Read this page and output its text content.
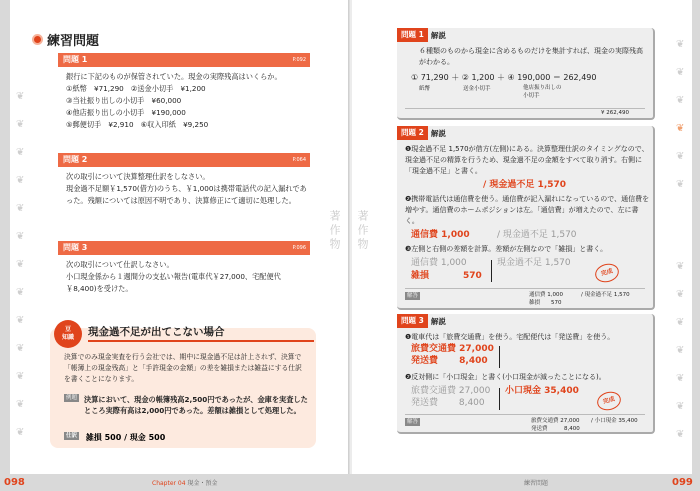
❦
❦
❦
❦
❦
❦
❦
❦
❦
❦
❦
❦
❦
著作物
練習問題
問題 1	P.092
銀行に下記のものが保管されていた。現金の実際残高はいくらか。
①紙幣　¥71,290　②送金小切手　¥1,200
③当社振り出しの小切手　¥60,000
④他店振り出しの小切手　¥190,000
⑤郵便切手　¥2,910　⑥収入印紙　¥9,250
問題 2	P.064
次の取引について決算整理仕訳をしなさい。
現金過不足額￥1,570(借方)のうち、￥1,000は携帯電話代の記入漏れであった。残額については原因不明であり、決算修正にて適切に処理した。
問題 3	P.096
次の取引について仕訳しなさい。
小口現金係から１週間分の支払い報告(電車代￥27,000、宅配便代￥8,400)を受けた。
豆
知識	現金過不足が出てこない場合
決算でのみ現金実査を行う会社では、期中に現金過不足は計上されず、決算で「帳簿上の現金残高」と「手許現金の金額」の差を雑損または雑益にする仕訳を書くことになります。
例題 決算において、現金の帳簿残高2,500円であったが、金庫を実査したところ実際有高は2,000円であった。差額は雑損として処理した。
仕訳 雑損 500 / 現金 500
著作物
❦
❦
❦
❦
❦
❦
❦
❦
❦
❦
❦
❦
❦
問題 1 解説
６種類のものから現金に含めるものだけを集計すれば、現金の実際残高がわかる。
① 71,290 ＋ ② 1,200 ＋ ④ 190,000 ＝ 262,490
紙幣	送金小切手	他店振り出しの小切手
¥ 262,490
問題 2 解説
❶現金過不足 1,570が借方(左側)にある。決算整理仕訳のタイミングなので、現金過不足の精算を行うため、現金過不足の金額をすべて取り消す。右側に「現金過不足」と書く。
/ 現金過不足 1,570
❷携帯電話代は通信費を使う。通信費が記入漏れになっているので、通信費を増やす。通信費のホームポジションは左。「通信費」が増えたので、左に書く。
通信費 1,000	/ 現金過不足 1,570
❸左側と右側の差額を計算。差額が左側なので「雑損」と書く。
通信費 1,000	現金過不足 1,570
雑損	570	完成
解答	通信費 1,000	/ 現金過不足 1,570
雑損　　570
問題 3 解説
❶電車代は「旅費交通費」を使う。宅配便代は「発送費」を使う。
旅費交通費 27,000
発送費　　 8,400
❷反対側に「小口現金」と書く(小口現金が減ったことになる)。
旅費交通費 27,000
発送費　　 8,400
小口現金 35,400
完成
解答	旅費交通費 27,000
発送費　　　8,400
/ 小口現金 35,400
098	Chapter 04 現金・預金	練習問題	099
